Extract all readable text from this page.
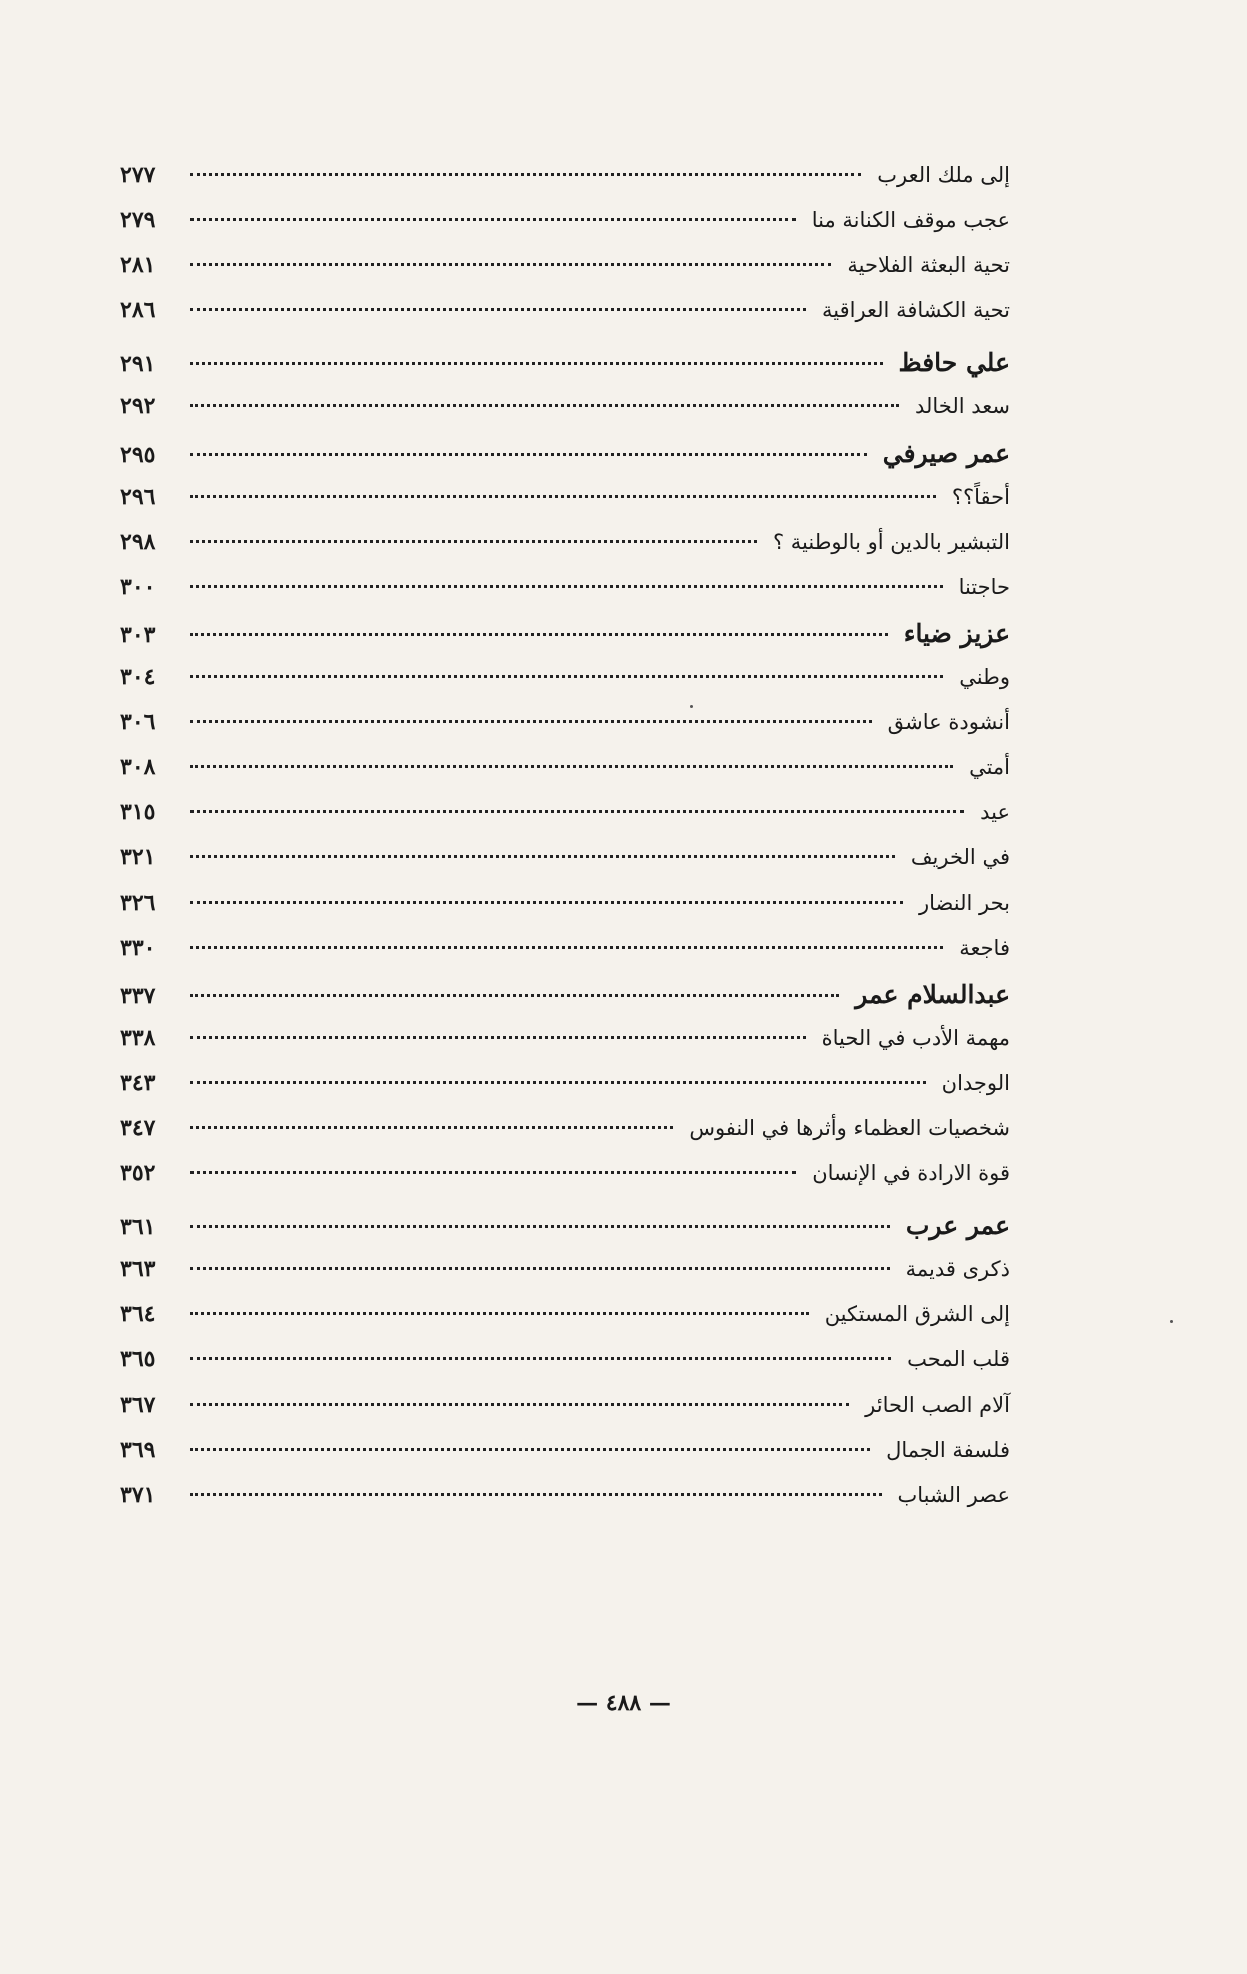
إلى ملك العرب
٢٧٧
عجب موقف الكنانة منا
٢٧٩
تحية البعثة الفلاحية
٢٨١
تحية الكشافة العراقية
٢٨٦
علي حافظ
٢٩١
سعد الخالد
٢٩٢
عمر صيرفي
٢٩٥
أحقاً؟؟
٢٩٦
التبشير بالدين أو بالوطنية ؟
٢٩٨
حاجتنا
٣٠٠
عزيز ضياء
٣٠٣
وطني
٣٠٤
أنشودة عاشق
٣٠٦
أمتي
٣٠٨
عيد
٣١٥
في الخريف
٣٢١
بحر النضار
٣٢٦
فاجعة
٣٣٠
عبدالسلام عمر
٣٣٧
مهمة الأدب في الحياة
٣٣٨
الوجدان
٣٤٣
شخصيات العظماء وأثرها في النفوس
٣٤٧
قوة الارادة في الإنسان
٣٥٢
عمر عرب
٣٦١
ذكرى قديمة
٣٦٣
إلى الشرق المستكين
٣٦٤
قلب المحب
٣٦٥
آلام الصب الحائر
٣٦٧
فلسفة الجمال
٣٦٩
عصر الشباب
٣٧١
— ٤٨٨ —
